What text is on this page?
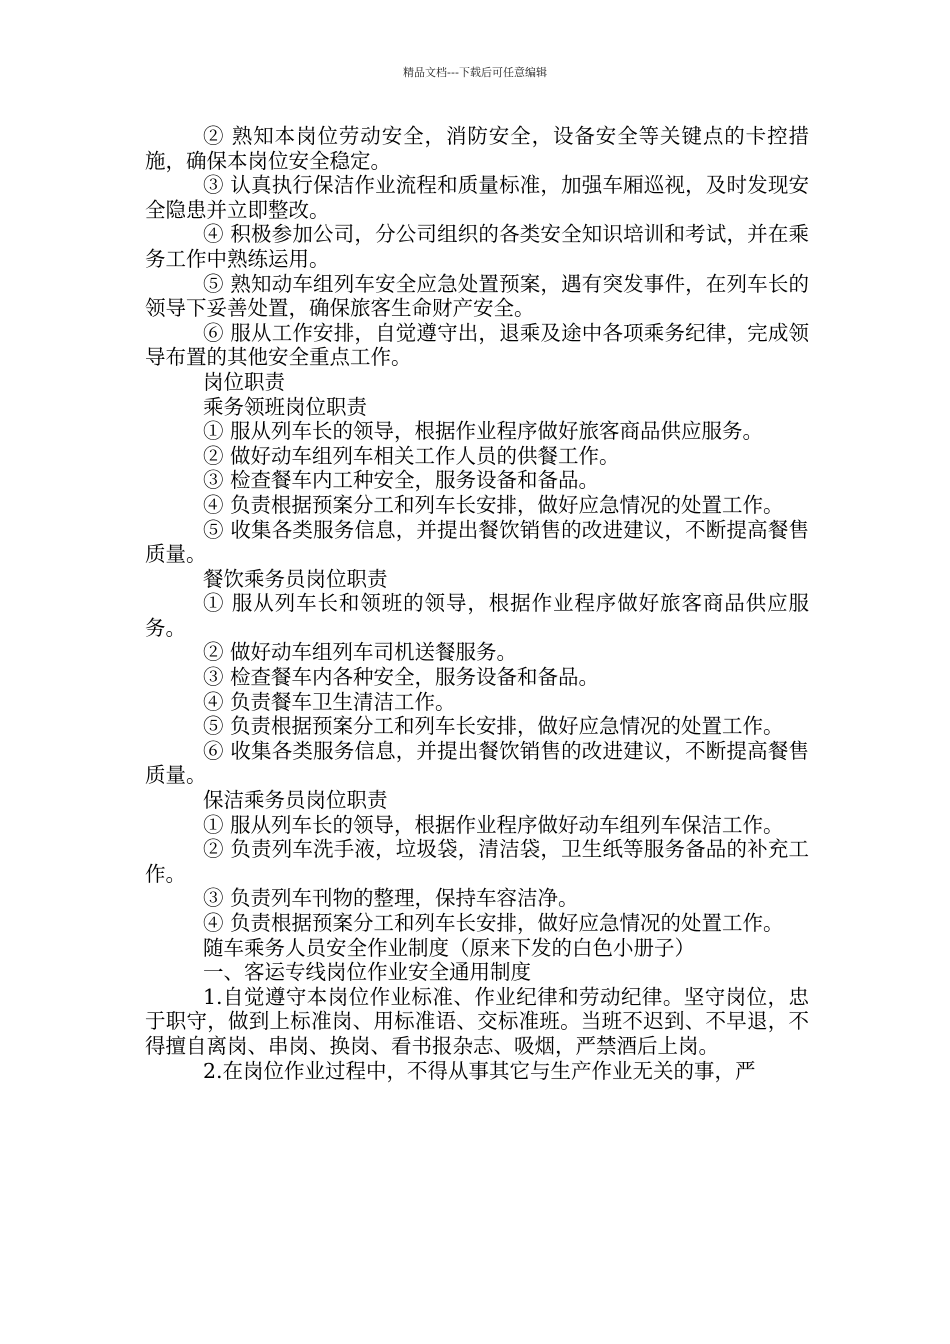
精品文档---下载后可任意编辑

② 熟知本岗位劳动安全，消防安全，设备安全等关键点的卡控措施，确保本岗位安全稳定。

③ 认真执行保洁作业流程和质量标准，加强车厢巡视，及时发现安全隐患并立即整改。

④ 积极参加公司，分公司组织的各类安全知识培训和考试，并在乘务工作中熟练运用。

⑤ 熟知动车组列车安全应急处置预案，遇有突发事件，在列车长的领导下妥善处置，确保旅客生命财产安全。

⑥ 服从工作安排，自觉遵守出，退乘及途中各项乘务纪律，完成领导布置的其他安全重点工作。

岗位职责

乘务领班岗位职责

① 服从列车长的领导，根据作业程序做好旅客商品供应服务。

② 做好动车组列车相关工作人员的供餐工作。

③ 检查餐车内工种安全，服务设备和备品。

④ 负责根据预案分工和列车长安排，做好应急情况的处置工作。

⑤ 收集各类服务信息，并提出餐饮销售的改进建议，不断提高餐售质量。

餐饮乘务员岗位职责

① 服从列车长和领班的领导，根据作业程序做好旅客商品供应服务。

② 做好动车组列车司机送餐服务。

③ 检查餐车内各种安全，服务设备和备品。

④ 负责餐车卫生清洁工作。

⑤ 负责根据预案分工和列车长安排，做好应急情况的处置工作。

⑥ 收集各类服务信息，并提出餐饮销售的改进建议，不断提高餐售质量。

保洁乘务员岗位职责

① 服从列车长的领导，根据作业程序做好动车组列车保洁工作。

② 负责列车洗手液，垃圾袋，清洁袋，卫生纸等服务备品的补充工作。

③ 负责列车刊物的整理，保持车容洁净。

④ 负责根据预案分工和列车长安排，做好应急情况的处置工作。

随车乘务人员安全作业制度（原来下发的白色小册子）

一、客运专线岗位作业安全通用制度

1.自觉遵守本岗位作业标准、作业纪律和劳动纪律。坚守岗位，忠于职守，做到上标准岗、用标准语、交标准班。当班不迟到、不早退，不得擅自离岗、串岗、换岗、看书报杂志、吸烟，严禁酒后上岗。

2.在岗位作业过程中，不得从事其它与生产作业无关的事，严
